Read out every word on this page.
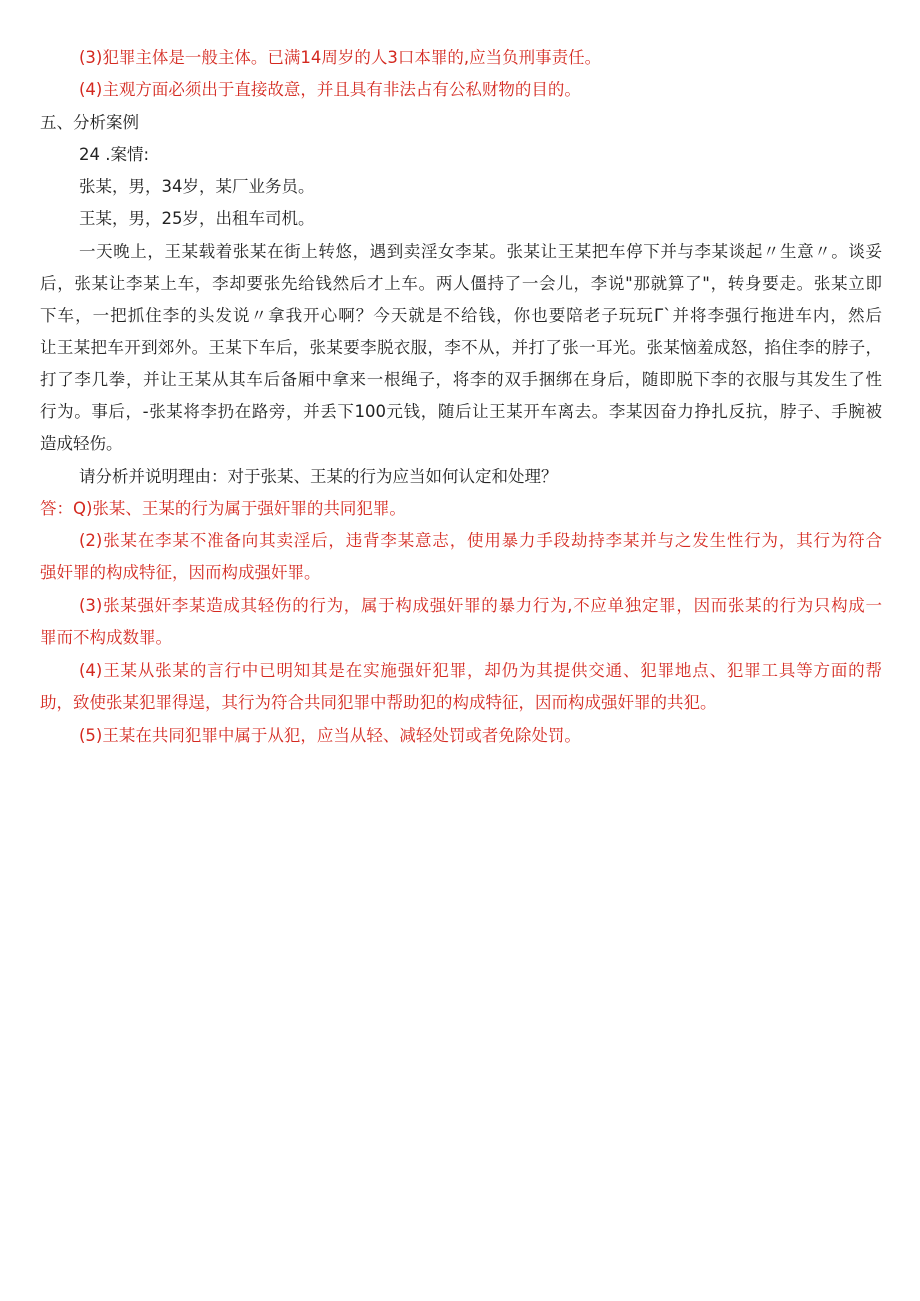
(3)犯罪主体是一般主体。已满14周岁的人3口本罪的,应当负刑事责任。
(4)主观方面必须出于直接故意，并且具有非法占有公私财物的目的。
五、分析案例
24 .案情:
张某，男，34岁，某厂业务员。
王某，男，25岁，出租车司机。
一天晚上，王某载着张某在街上转悠，遇到卖淫女李某。张某让王某把车停下并与李某谈起〃生意〃。谈妥
后，张某让李某上车，李却要张先给钱然后才上车。两人僵持了一会儿，李说"那就算了"，转身要走。张某立即
下车，一把抓住李的头发说〃拿我开心啊？今天就是不给钱，你也要陪老子玩玩Γ`并将李强行拖进车内，然后
让王某把车开到郊外。王某下车后，张某要李脱衣服，李不从，并打了张一耳光。张某恼羞成怒，掐住李的脖子，
打了李几拳，并让王某从其车后备厢中拿来一根绳子，将李的双手捆绑在身后，随即脱下李的衣服与其发生了性
行为。事后，-张某将李扔在路旁，并丢下100元钱，随后让王某开车离去。李某因奋力挣扎反抗，脖子、手腕被
造成轻伤。
请分析并说明理由：对于张某、王某的行为应当如何认定和处理？
答：Q)张某、王某的行为属于强奸罪的共同犯罪。
(2)张某在李某不准备向其卖淫后，违背李某意志，使用暴力手段劫持李某并与之发生性行为，其行为符合
强奸罪的构成特征，因而构成强奸罪。
(3)张某强奸李某造成其轻伤的行为，属于构成强奸罪的暴力行为,不应单独定罪，因而张某的行为只构成一
罪而不构成数罪。
(4)王某从张某的言行中已明知其是在实施强奸犯罪，却仍为其提供交通、犯罪地点、犯罪工具等方面的帮
助，致使张某犯罪得逞，其行为符合共同犯罪中帮助犯的构成特征，因而构成强奸罪的共犯。
(5)王某在共同犯罪中属于从犯，应当从轻、减轻处罚或者免除处罚。
